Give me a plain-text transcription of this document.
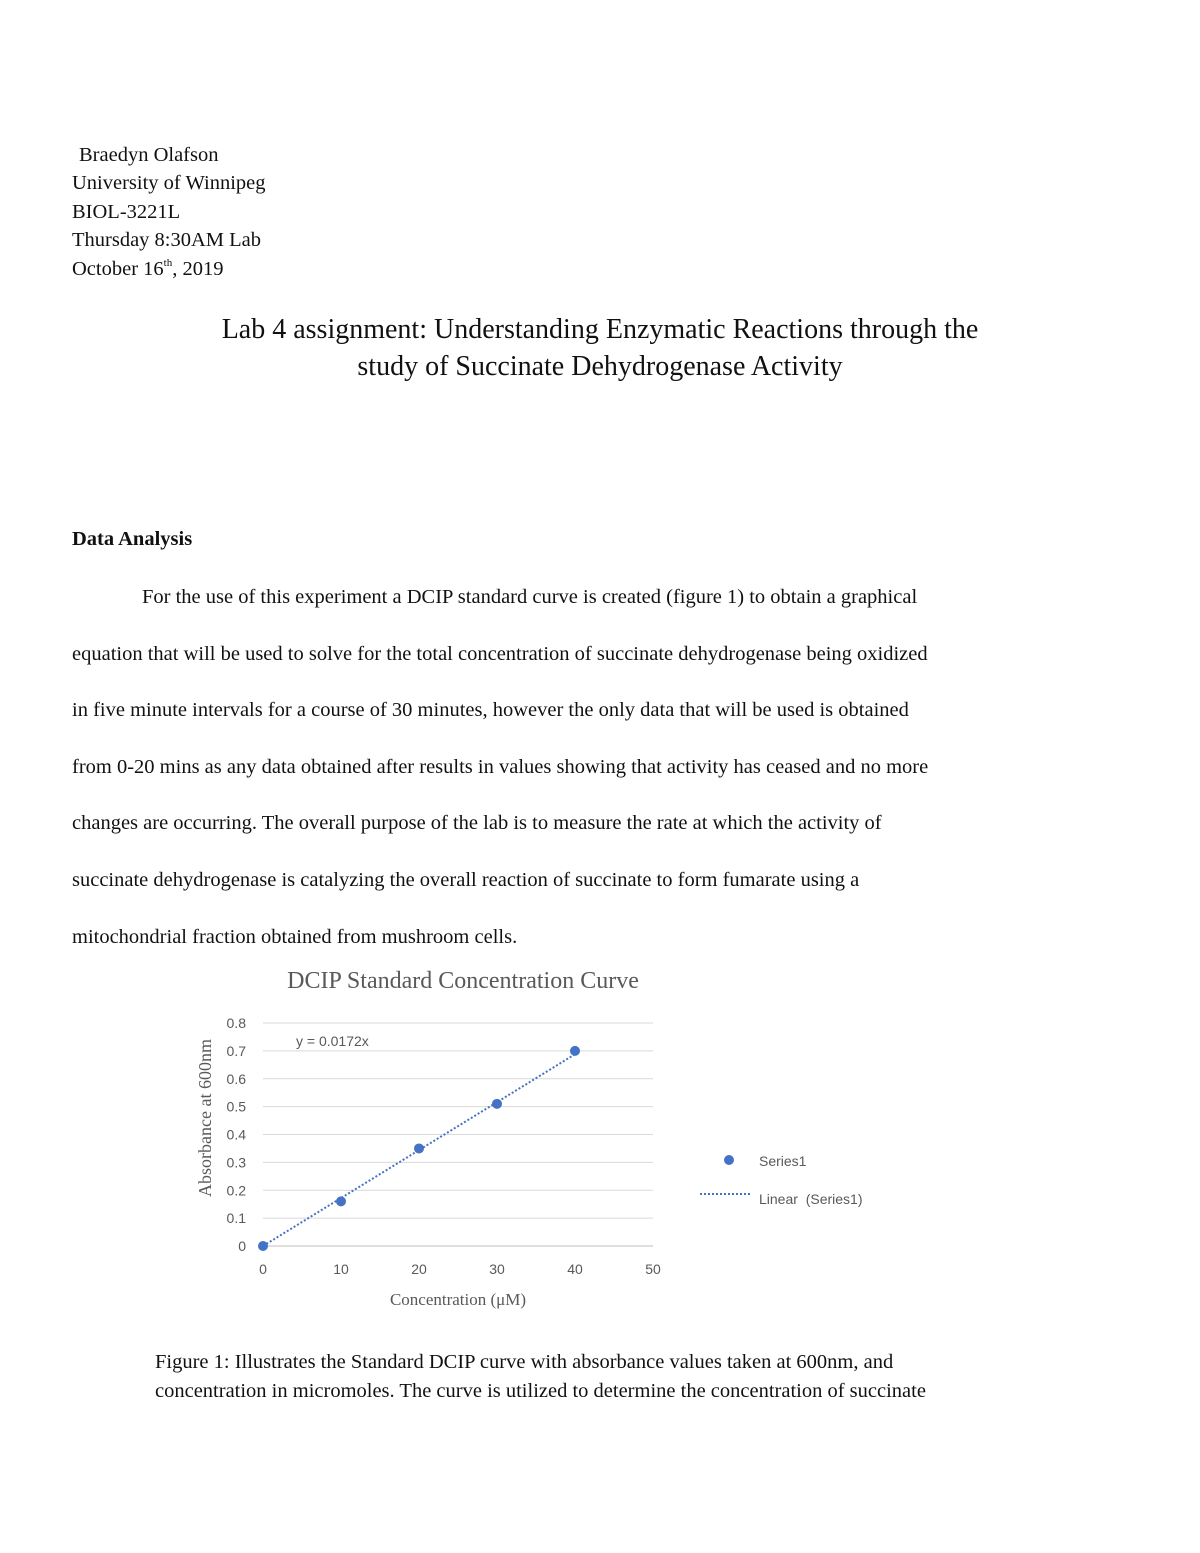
Braedyn Olafson
University of Winnipeg
BIOL-3221L
Thursday 8:30AM Lab
October 16th, 2019
Lab 4 assignment: Understanding Enzymatic Reactions through the
study of Succinate Dehydrogenase Activity
Data Analysis
For the use of this experiment a DCIP standard curve is created (figure 1) to obtain a graphical
equation that will be used to solve for the total concentration of succinate dehydrogenase being oxidized
in five minute intervals for a course of 30 minutes, however the only data that will be used is obtained
from 0-20 mins as any data obtained after results in values showing that activity has ceased and no more
changes are occurring. The overall purpose of the lab is to measure the rate at which the activity of
succinate dehydrogenase is catalyzing the overall reaction of succinate to form fumarate using a
mitochondrial fraction obtained from mushroom cells.
DCIP Standard Concentration Curve
0
0.1
0.2
0.3
0.4
0.5
0.6
0.7
0.8
0	10	20	30	40	50
y = 0.0172x
Absorbance at 600nm
Concentration (μM)
Series1
Linear  (Series1)
Figure 1: Illustrates the Standard DCIP curve with absorbance values taken at 600nm, and
concentration in micromoles. The curve is utilized to determine the concentration of succinate
